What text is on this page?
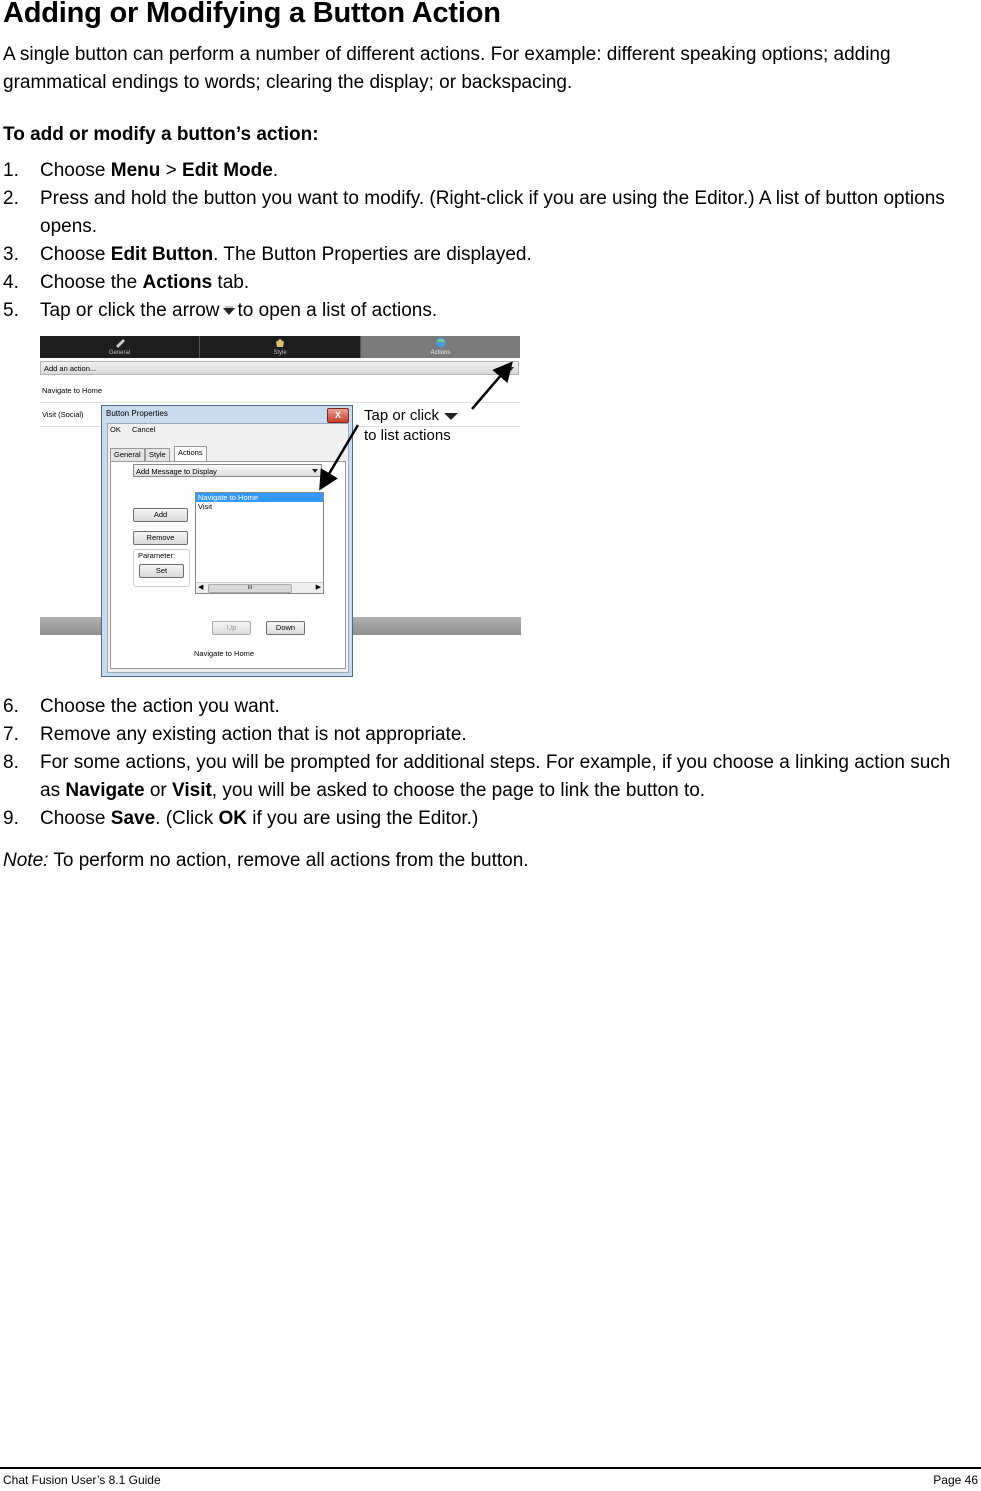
Adding or Modifying a Button Action

A single button can perform a number of different actions. For example: different speaking options; adding grammatical endings to words; clearing the display; or backspacing.

To add or modify a button’s action:

1. Choose Menu > Edit Mode.
2. Press and hold the button you want to modify. (Right-click if you are using the Editor.) A list of button options opens.
3. Choose Edit Button. The Button Properties are displayed.
4. Choose the Actions tab.
5. Tap or click the arrow to open a list of actions.
General	Style	Actions
Add an action...
Navigate to Home
Visit (Social)	Button Properties	X
OK Cancel
General	Style	Actions
Add Message to Display
Add
Remove
Parameter:
Set
Navigate to Home
Visit
◀	III	▶
Up	Down
Navigate to Home
Tap or click
to list actions
6. Choose the action you want.
7. Remove any existing action that is not appropriate.
8. For some actions, you will be prompted for additional steps. For example, if you choose a linking action such as Navigate or Visit, you will be asked to choose the page to link the button to.
9. Choose Save. (Click OK if you are using the Editor.)

Note: To perform no action, remove all actions from the button.

Chat Fusion User’s 8.1 Guide	Page 46
